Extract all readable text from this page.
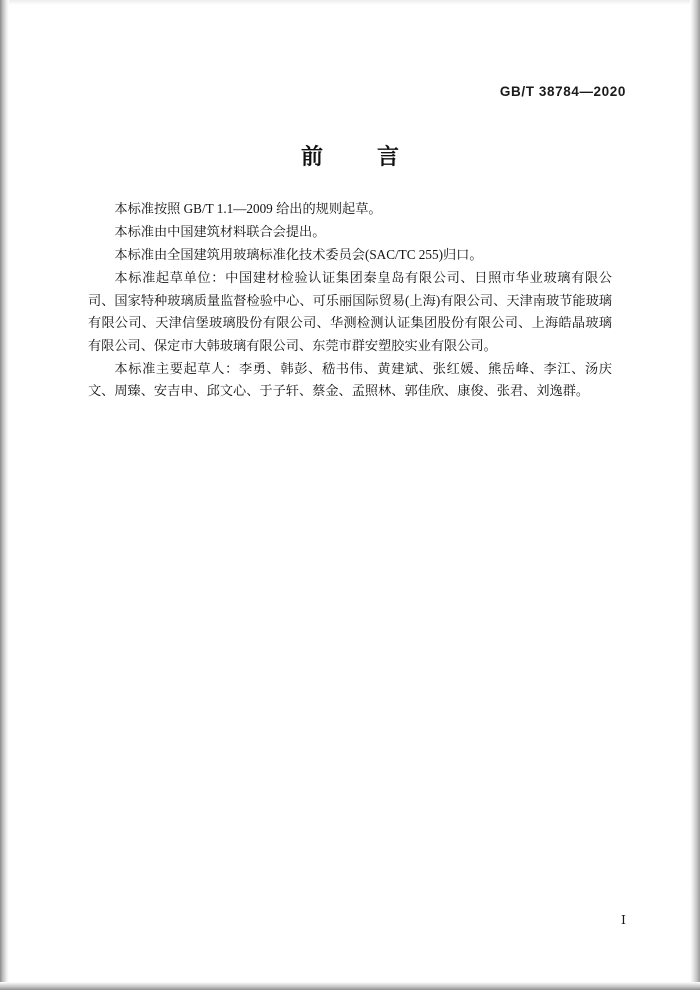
GB/T 38784—2020
前　言

本标准按照 GB/T 1.1—2009 给出的规则起草。

本标准由中国建筑材料联合会提出。

本标准由全国建筑用玻璃标准化技术委员会(SAC/TC 255)归口。

本标准起草单位：中国建材检验认证集团秦皇岛有限公司、日照市华业玻璃有限公司、国家特种玻璃质量监督检验中心、可乐丽国际贸易(上海)有限公司、天津南玻节能玻璃有限公司、天津信堡玻璃股份有限公司、华测检测认证集团股份有限公司、上海皓晶玻璃有限公司、保定市大韩玻璃有限公司、东莞市群安塑胶实业有限公司。

本标准主要起草人：李勇、韩彭、嵇书伟、黄建斌、张红媛、熊岳峰、李江、汤庆文、周臻、安吉申、邱文心、于子轩、蔡金、孟照林、郭佳欣、康俊、张君、刘逸群。

Ⅰ
